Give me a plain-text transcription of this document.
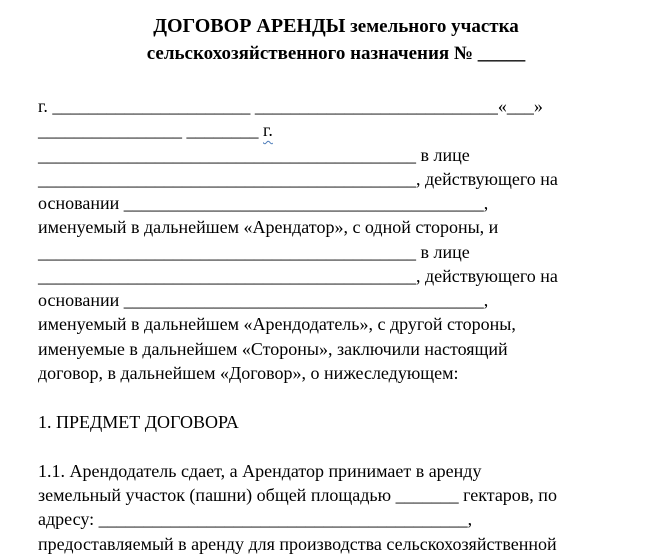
ДОГОВОР АРЕНДЫ земельного участка
сельскохозяйственного назначения № _____
г. ______________________ ___________________________«___»
________________ ________ г.
__________________________________________ в лице
__________________________________________, действующего на
основании ________________________________________,
именуемый в дальнейшем «Арендатор», с одной стороны, и
__________________________________________ в лице
__________________________________________, действующего на
основании ________________________________________,
именуемый в дальнейшем «Арендодатель», с другой стороны,
именуемые в дальнейшем «Стороны», заключили настоящий
договор, в дальнейшем «Договор», о нижеследующем:
1. ПРЕДМЕТ ДОГОВОРА
1.1. Арендодатель сдает, а Арендатор принимает в аренду
земельный участок (пашни) общей площадью _______ гектаров, по
адресу: _________________________________________,
предоставляемый в аренду для производства сельскохозяйственной
